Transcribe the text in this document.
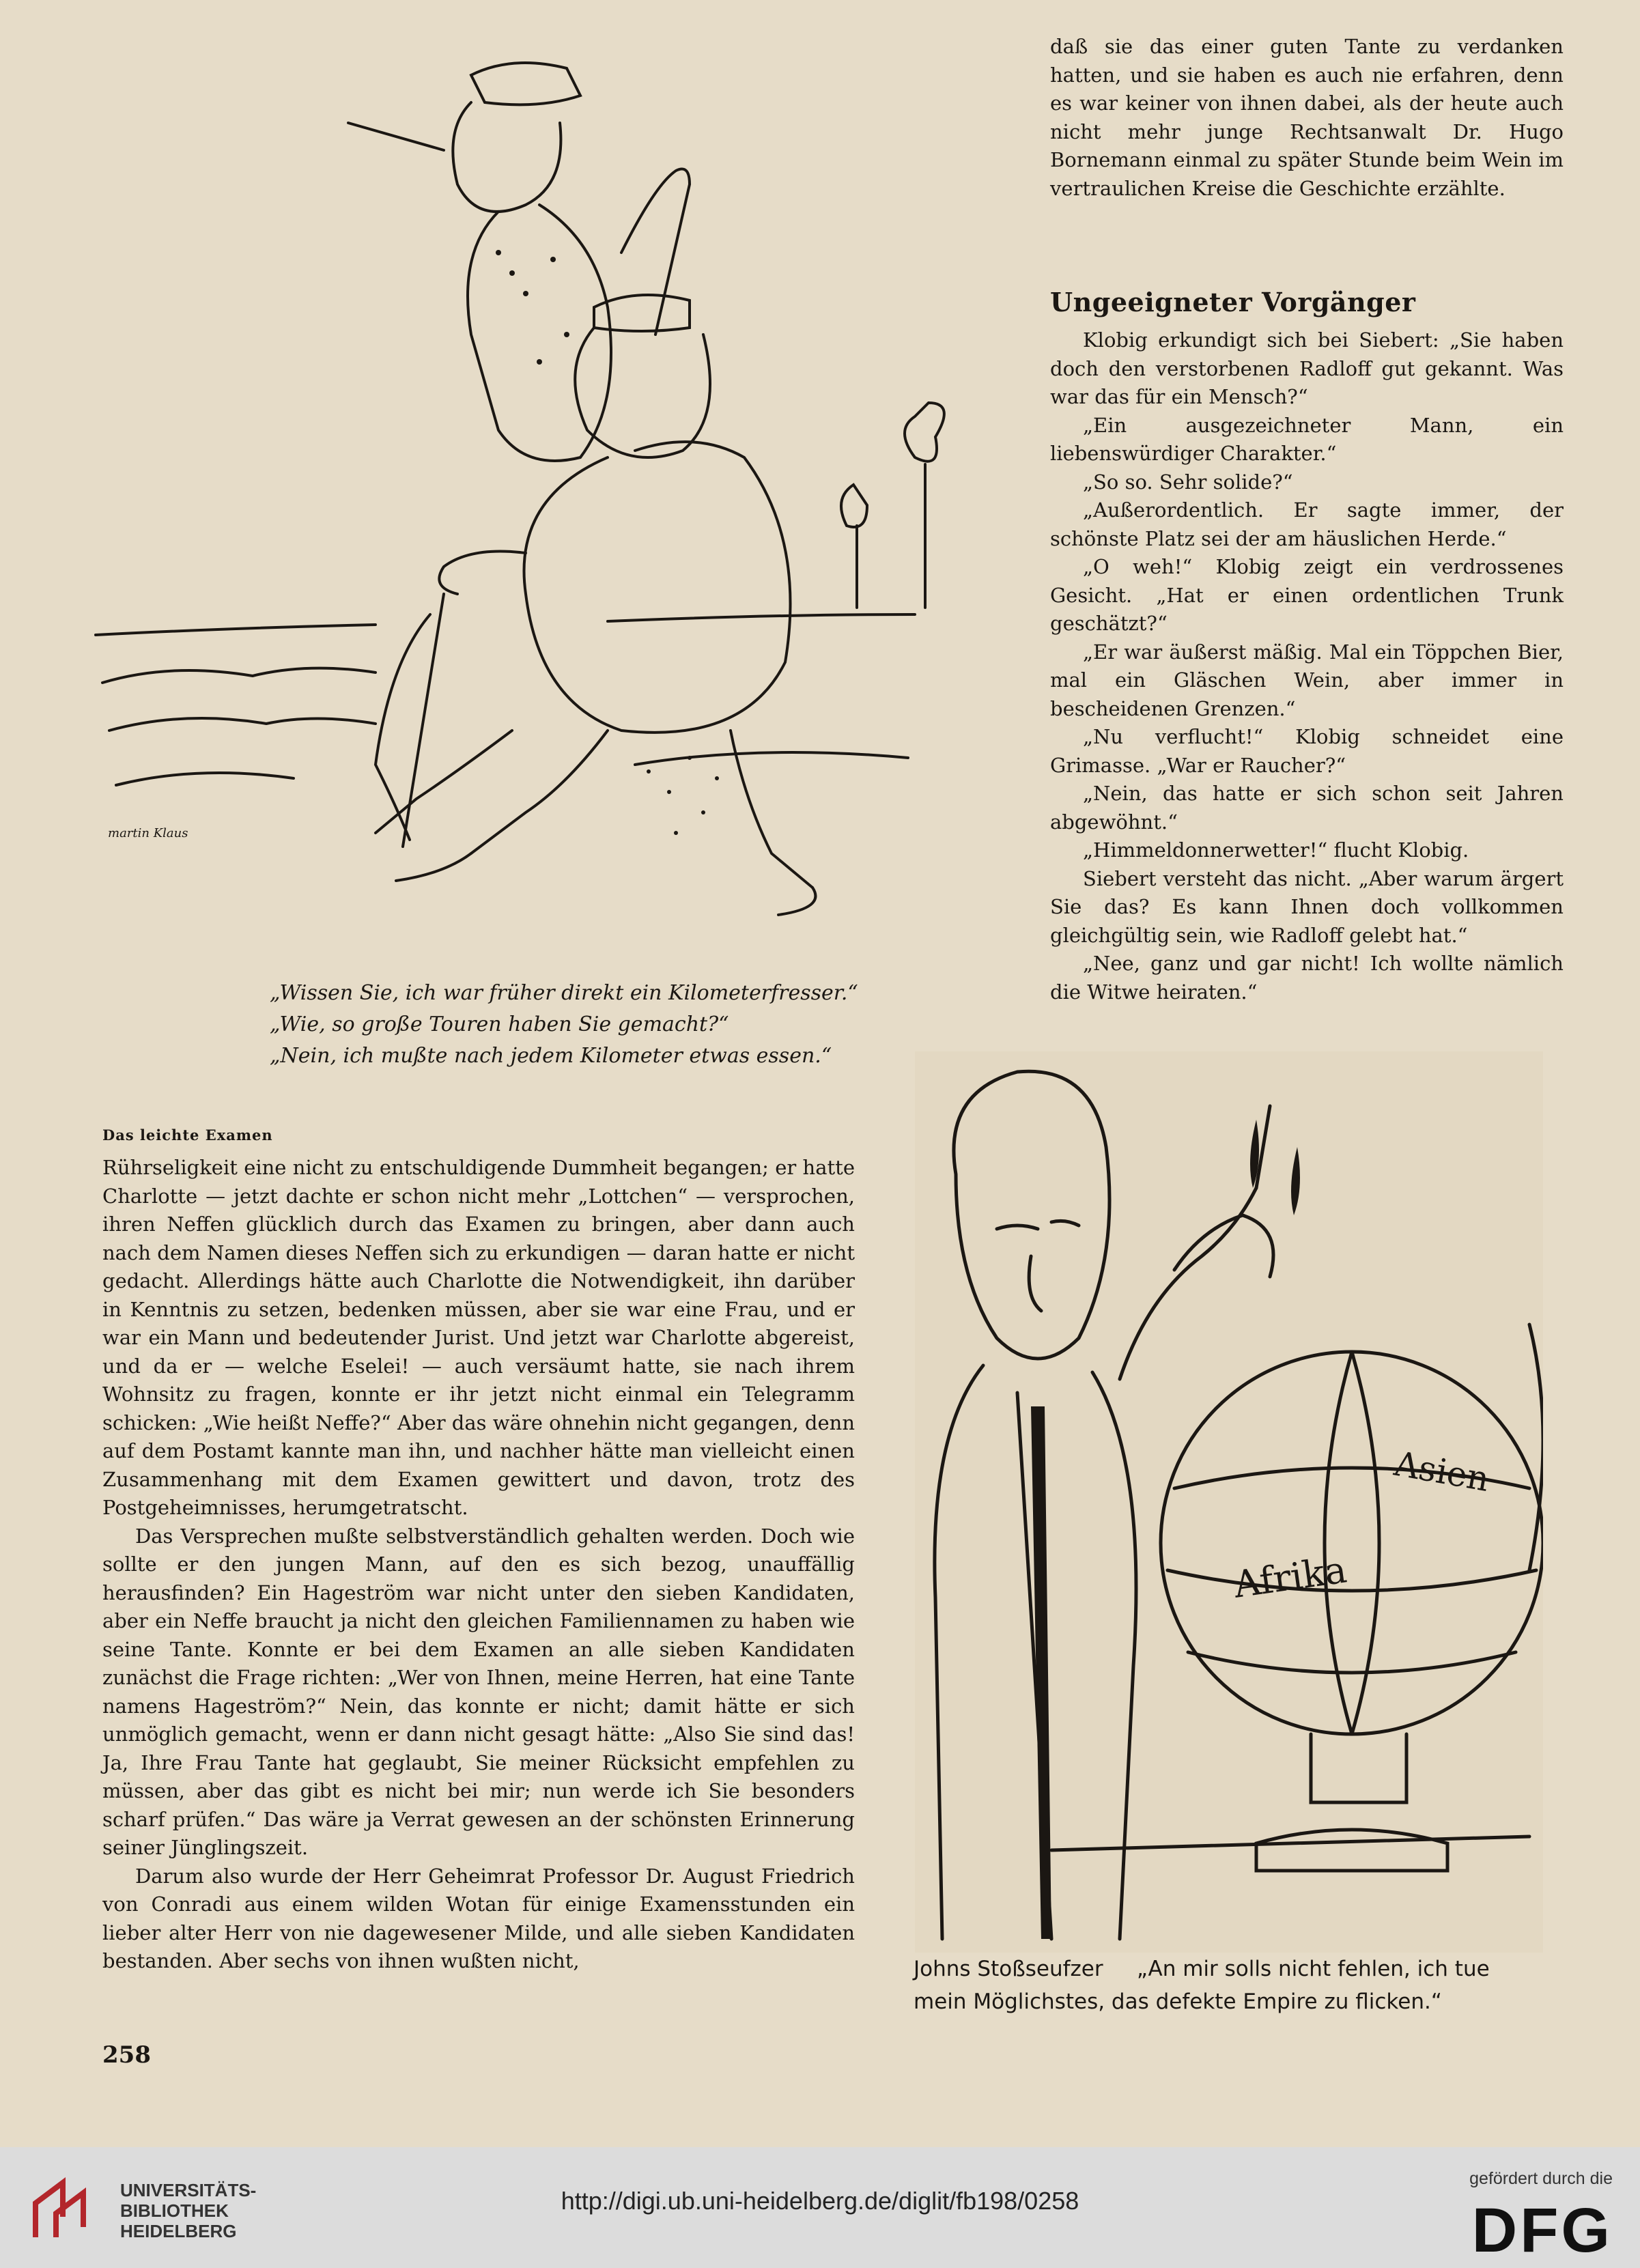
martin Klaus

„Wissen Sie, ich war früher direkt ein Kilometerfresser.“

„Wie, so große Touren haben Sie gemacht?“

„Nein, ich mußte nach jedem Kilometer etwas essen.“

daß sie das einer guten Tante zu verdanken hatten, und sie haben es auch nie erfahren, denn es war keiner von ihnen dabei, als der heute auch nicht mehr junge Rechtsanwalt Dr. Hugo Bornemann einmal zu später Stunde beim Wein im vertraulichen Kreise die Geschichte erzählte.

Ungeeigneter Vorgänger

Klobig erkundigt sich bei Siebert: „Sie haben doch den verstorbenen Radloff gut gekannt. Was war das für ein Mensch?“

„Ein ausgezeichneter Mann, ein liebenswürdiger Charakter.“

„So so. Sehr solide?“

„Außerordentlich. Er sagte immer, der schönste Platz sei der am häuslichen Herde.“

„O weh!“ Klobig zeigt ein verdrossenes Gesicht. „Hat er einen ordentlichen Trunk geschätzt?“

„Er war äußerst mäßig. Mal ein Töppchen Bier, mal ein Gläschen Wein, aber immer in bescheidenen Grenzen.“

„Nu verflucht!“ Klobig schneidet eine Grimasse. „War er Raucher?“

„Nein, das hatte er sich schon seit Jahren abgewöhnt.“

„Himmeldonnerwetter!“ flucht Klobig.

Siebert versteht das nicht. „Aber warum ärgert Sie das? Es kann Ihnen doch vollkommen gleichgültig sein, wie Radloff gelebt hat.“

„Nee, ganz und gar nicht! Ich wollte nämlich die Witwe heiraten.“

Das leichte Examen

Rührseligkeit eine nicht zu entschuldigende Dummheit begangen; er hatte Charlotte — jetzt dachte er schon nicht mehr „Lottchen“ — versprochen, ihren Neffen glücklich durch das Examen zu bringen, aber dann auch nach dem Namen dieses Neffen sich zu erkundigen — daran hatte er nicht gedacht. Allerdings hätte auch Charlotte die Notwendigkeit, ihn darüber in Kenntnis zu setzen, bedenken müssen, aber sie war eine Frau, und er war ein Mann und bedeutender Jurist. Und jetzt war Charlotte abgereist, und da er — welche Eselei! — auch versäumt hatte, sie nach ihrem Wohnsitz zu fragen, konnte er ihr jetzt nicht einmal ein Telegramm schicken: „Wie heißt Neffe?“ Aber das wäre ohnehin nicht gegangen, denn auf dem Postamt kannte man ihn, und nachher hätte man vielleicht einen Zusammenhang mit dem Examen gewittert und davon, trotz des Postgeheimnisses, herumgetratscht.

Das Versprechen mußte selbstverständlich gehalten werden. Doch wie sollte er den jungen Mann, auf den es sich bezog, unauffällig herausfinden? Ein Hageström war nicht unter den sieben Kandidaten, aber ein Neffe braucht ja nicht den gleichen Familiennamen zu haben wie seine Tante. Konnte er bei dem Examen an alle sieben Kandidaten zunächst die Frage richten: „Wer von Ihnen, meine Herren, hat eine Tante namens Hageström?“ Nein, das konnte er nicht; damit hätte er sich unmöglich gemacht, wenn er dann nicht gesagt hätte: „Also Sie sind das! Ja, Ihre Frau Tante hat geglaubt, Sie meiner Rücksicht empfehlen zu müssen, aber das gibt es nicht bei mir; nun werde ich Sie besonders scharf prüfen.“ Das wäre ja Verrat gewesen an der schönsten Erinnerung seiner Jünglingszeit.

Darum also wurde der Herr Geheimrat Professor Dr. August Friedrich von Conradi aus einem wilden Wotan für einige Examensstunden ein lieber alter Herr von nie dagewesener Milde, und alle sieben Kandidaten bestanden. Aber sechs von ihnen wußten nicht,

258
Afrika
Asien
Johns Stoßseufzer „An mir solls nicht fehlen, ich tue mein Möglichstes, das defekte Empire zu flicken.“
UNIVERSITÄTS-
BIBLIOTHEK
HEIDELBERG
http://digi.ub.uni-heidelberg.de/diglit/fb198/0258
gefördert durch die
DFG
